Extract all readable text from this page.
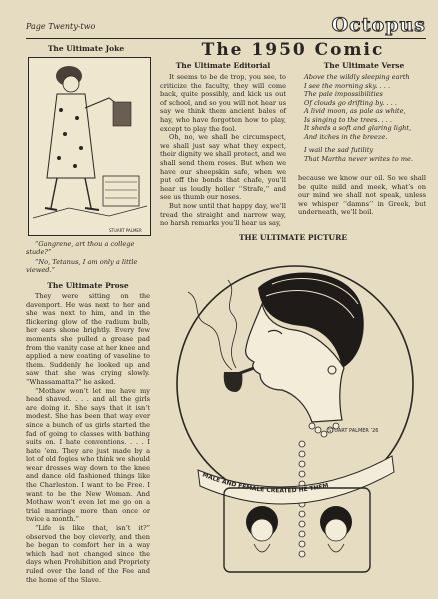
Page Twenty-two	Octopus
The Ultimate Joke
STUART PALMER

“Gangrene, art thou a college stude?”

“No, Tetanus, I am only a little viewed.”

The Ultimate Prose

They were sitting on the davenport. He was next to her and she was next to him, and in the flickering glow of the radium bulb, her ears shone brightly. Every few moments she pulled a grease pad from the vanity case at her knee and applied a new coating of vaseline to them. Suddenly he looked up and saw that she was crying slowly. “Whassamatta?” he asked.

“Mothaw won’t let me have my head shaved. . . . and all the girls are doing it. She says that it isn’t modest. She has been that way ever since a bunch of us girls started the fad of going to classes with bathing suits on. I hate conventions. . . . I hate ’em. They are just made by a lot of old fogies who think we should wear dresses way down to the knee and dance old fashioned things like the Charleston. I want to be Free. I want to be the New Woman. And Mothaw won’t even let me go on a trial marriage more than once or twice a month.”

“Life is like that, isn’t it?” observed the boy cleverly, and then he began to comfort her in a way which had not changed since the days when Prohibition and Propriety ruled over the land of the Fee and the home of the Slave.

The 1950 Comic
The Ultimate Editorial

It seems to be de trop, you see, to criticize the faculty, they will come back, quite possibly, and kick us out of school, and so you will not hear us say we think them ancient bales of hay, who have forgotten how to play, except to play the fool.

Oh, no, we shall be circumspect, we shall just say what they expect, their dignity we shall protect, and we shall send them roses. But when we have our sheepskin safe, when we put off the bonds that chafe, you’ll hear us loudly holler ‘‘Strafe,’’ and see us thumb our noses.

But now until that happy day, we’ll tread the straight and narrow way, no harsh remarks you’ll hear us say,

The Ultimate Verse
Above the wildly sleeping earth
I see the morning sky. . . .
The pale impossibilities
Of clouds go drifting by. . . .
A livid moon, as pale as white,
Is singing to the trees. . . .
It sheds a soft and glaring light,
And itches in the breeze.
I wail the sad futility
That Martha never writes to me.

because we know our oil. So we shall be quite mild and meek, what’s on our mind we shall not speak, unless we whisper ‘‘damns’’ in Greek, but underneath, we’ll boil.

THE ULTIMATE PICTURE
STUART PALMER ’26
MALE AND FEMALE CREATED HE THEM
